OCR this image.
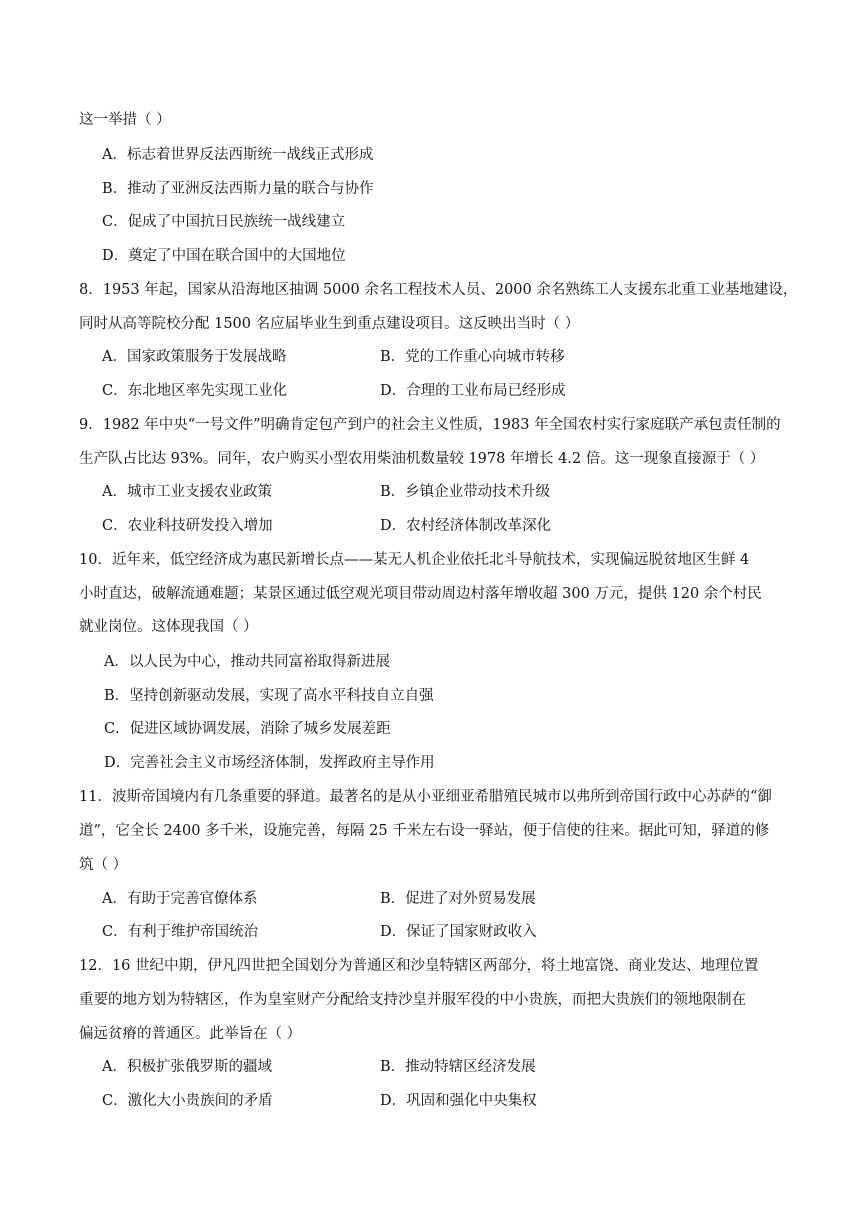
这一举措（ ）
A．标志着世界反法西斯统一战线正式形成
B．推动了亚洲反法西斯力量的联合与协作
C．促成了中国抗日民族统一战线建立
D．奠定了中国在联合国中的大国地位
8．1953 年起，国家从沿海地区抽调 5000 余名工程技术人员、2000 余名熟练工人支援东北重工业基地建设，
同时从高等院校分配 1500 名应届毕业生到重点建设项目。这反映出当时（ ）
A．国家政策服务于发展战略	B．党的工作重心向城市转移
C．东北地区率先实现工业化	D．合理的工业布局已经形成
9．1982 年中央“一号文件”明确肯定包产到户的社会主义性质，1983 年全国农村实行家庭联产承包责任制的
生产队占比达 93%。同年，农户购买小型农用柴油机数量较 1978 年增长 4.2 倍。这一现象直接源于（ ）
A．城市工业支援农业政策	B．乡镇企业带动技术升级
C．农业科技研发投入增加	D．农村经济体制改革深化
10．近年来，低空经济成为惠民新增长点——某无人机企业依托北斗导航技术，实现偏远脱贫地区生鲜 4
小时直达，破解流通难题；某景区通过低空观光项目带动周边村落年增收超 300 万元，提供 120 余个村民
就业岗位。这体现我国（ ）
A．以人民为中心，推动共同富裕取得新进展
B．坚持创新驱动发展，实现了高水平科技自立自强
C．促进区域协调发展，消除了城乡发展差距
D．完善社会主义市场经济体制，发挥政府主导作用
11．波斯帝国境内有几条重要的驿道。最著名的是从小亚细亚希腊殖民城市以弗所到帝国行政中心苏萨的“御
道”，它全长 2400 多千米，设施完善，每隔 25 千米左右设一驿站，便于信使的往来。据此可知，驿道的修
筑（ ）
A．有助于完善官僚体系	B．促进了对外贸易发展
C．有利于维护帝国统治	D．保证了国家财政收入
12．16 世纪中期，伊凡四世把全国划分为普通区和沙皇特辖区两部分，将土地富饶、商业发达、地理位置
重要的地方划为特辖区，作为皇室财产分配给支持沙皇并服军役的中小贵族，而把大贵族们的领地限制在
偏远贫瘠的普通区。此举旨在（ ）
A．积极扩张俄罗斯的疆域	B．推动特辖区经济发展
C．激化大小贵族间的矛盾	D．巩固和强化中央集权
